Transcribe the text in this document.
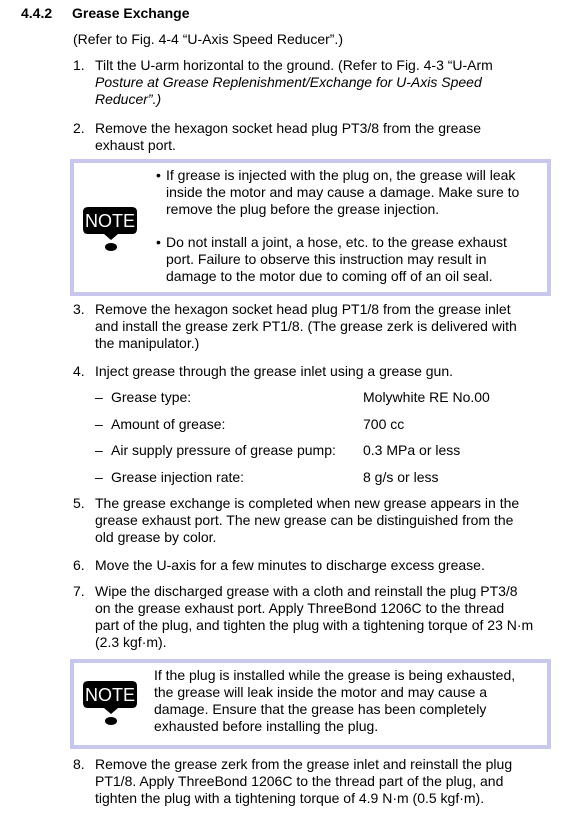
4.4.2 Grease Exchange
(Refer to Fig. 4-4 “U-Axis Speed Reducer”.)
1. Tilt the U-arm horizontal to the ground. (Refer to Fig. 4-3 “U-Arm
Posture at Grease Replenishment/Exchange for U-Axis Speed
Reducer”.)
2. Remove the hexagon socket head plug PT3/8 from the grease
exhaust port.
NOTE
• If grease is injected with the plug on, the grease will leak
inside the motor and may cause a damage. Make sure to
remove the plug before the grease injection.
• Do not install a joint, a hose, etc. to the grease exhaust
port. Failure to observe this instruction may result in
damage to the motor due to coming off of an oil seal.
3. Remove the hexagon socket head plug PT1/8 from the grease inlet
and install the grease zerk PT1/8. (The grease zerk is delivered with
the manipulator.)
4. Inject grease through the grease inlet using a grease gun.
– Grease type:	Molywhite RE No.00
– Amount of grease:	700 cc
– Air supply pressure of grease pump: 0.3 MPa or less
– Grease injection rate:	8 g/s or less
5. The grease exchange is completed when new grease appears in the
grease exhaust port. The new grease can be distinguished from the
old grease by color.
6. Move the U-axis for a few minutes to discharge excess grease.
7. Wipe the discharged grease with a cloth and reinstall the plug PT3/8
on the grease exhaust port. Apply ThreeBond 1206C to the thread
part of the plug, and tighten the plug with a tightening torque of 23 N·m
(2.3 kgf·m).
NOTE
If the plug is installed while the grease is being exhausted,
the grease will leak inside the motor and may cause a
damage. Ensure that the grease has been completely
exhausted before installing the plug.
8. Remove the grease zerk from the grease inlet and reinstall the plug
PT1/8. Apply ThreeBond 1206C to the thread part of the plug, and
tighten the plug with a tightening torque of 4.9 N·m (0.5 kgf·m).
